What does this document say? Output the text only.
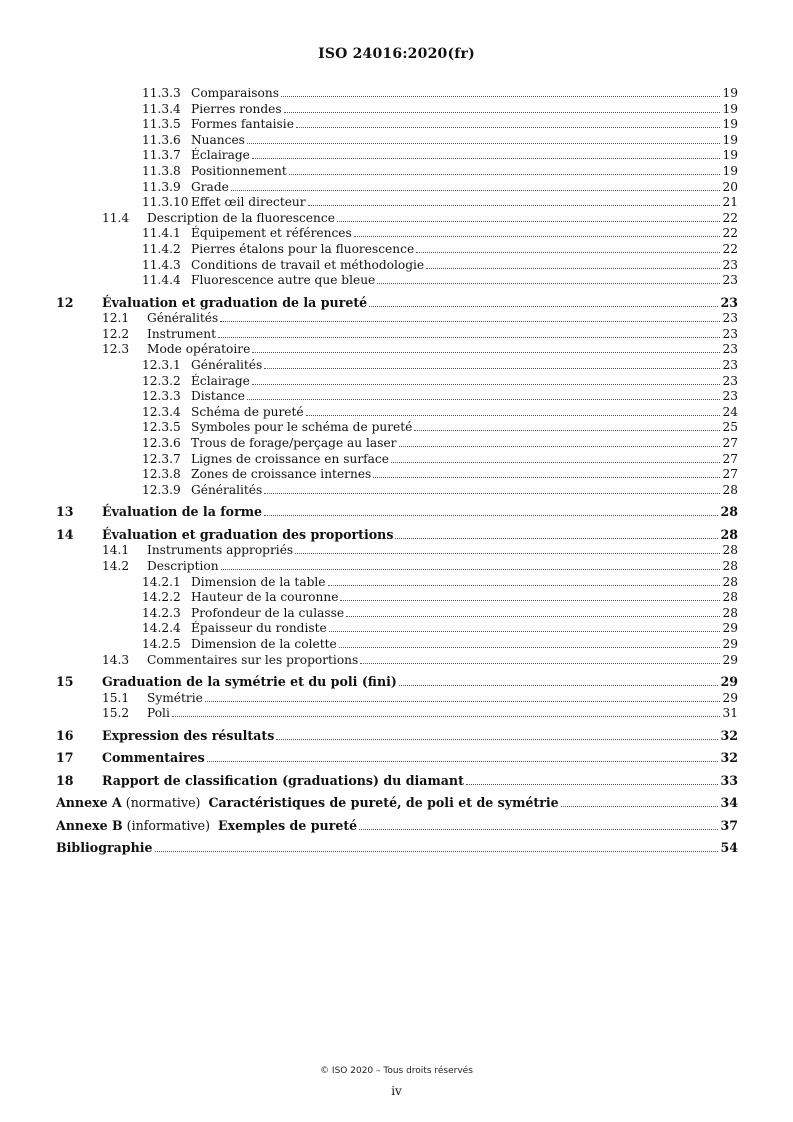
ISO 24016:2020(fr)
11.3.3 Comparaisons	19
11.3.4 Pierres rondes	19
11.3.5 Formes fantaisie	19
11.3.6 Nuances	19
11.3.7 Éclairage	19
11.3.8 Positionnement	19
11.3.9 Grade	20
11.3.10 Effet œil directeur	21
11.4	Description de la fluorescence	22
11.4.1 Équipement et références	22
11.4.2 Pierres étalons pour la fluorescence	22
11.4.3 Conditions de travail et méthodologie	23
11.4.4 Fluorescence autre que bleue	23
12	Évaluation et graduation de la pureté	23
12.1	Généralités	23
12.2	Instrument	23
12.3	Mode opératoire	23
12.3.1 Généralités	23
12.3.2 Éclairage	23
12.3.3 Distance	23
12.3.4 Schéma de pureté	24
12.3.5 Symboles pour le schéma de pureté	25
12.3.6 Trous de forage/perçage au laser	27
12.3.7 Lignes de croissance en surface	27
12.3.8 Zones de croissance internes	27
12.3.9 Généralités	28
13	Évaluation de la forme	28
14	Évaluation et graduation des proportions	28
14.1	Instruments appropriés	28
14.2	Description	28
14.2.1 Dimension de la table	28
14.2.2 Hauteur de la couronne	28
14.2.3 Profondeur de la culasse	28
14.2.4 Épaisseur du rondiste	29
14.2.5 Dimension de la colette	29
14.3	Commentaires sur les proportions	29
15	Graduation de la symétrie et du poli (fini)	29
15.1	Symétrie	29
15.2	Poli	31
16	Expression des résultats	32
17	Commentaires	32
18	Rapport de classification (graduations) du diamant	33
Annexe A (normative)  Caractéristiques de pureté, de poli et de symétrie	34
Annexe B (informative)  Exemples de pureté	37
Bibliographie	54
© ISO 2020 – Tous droits réservés
iv
